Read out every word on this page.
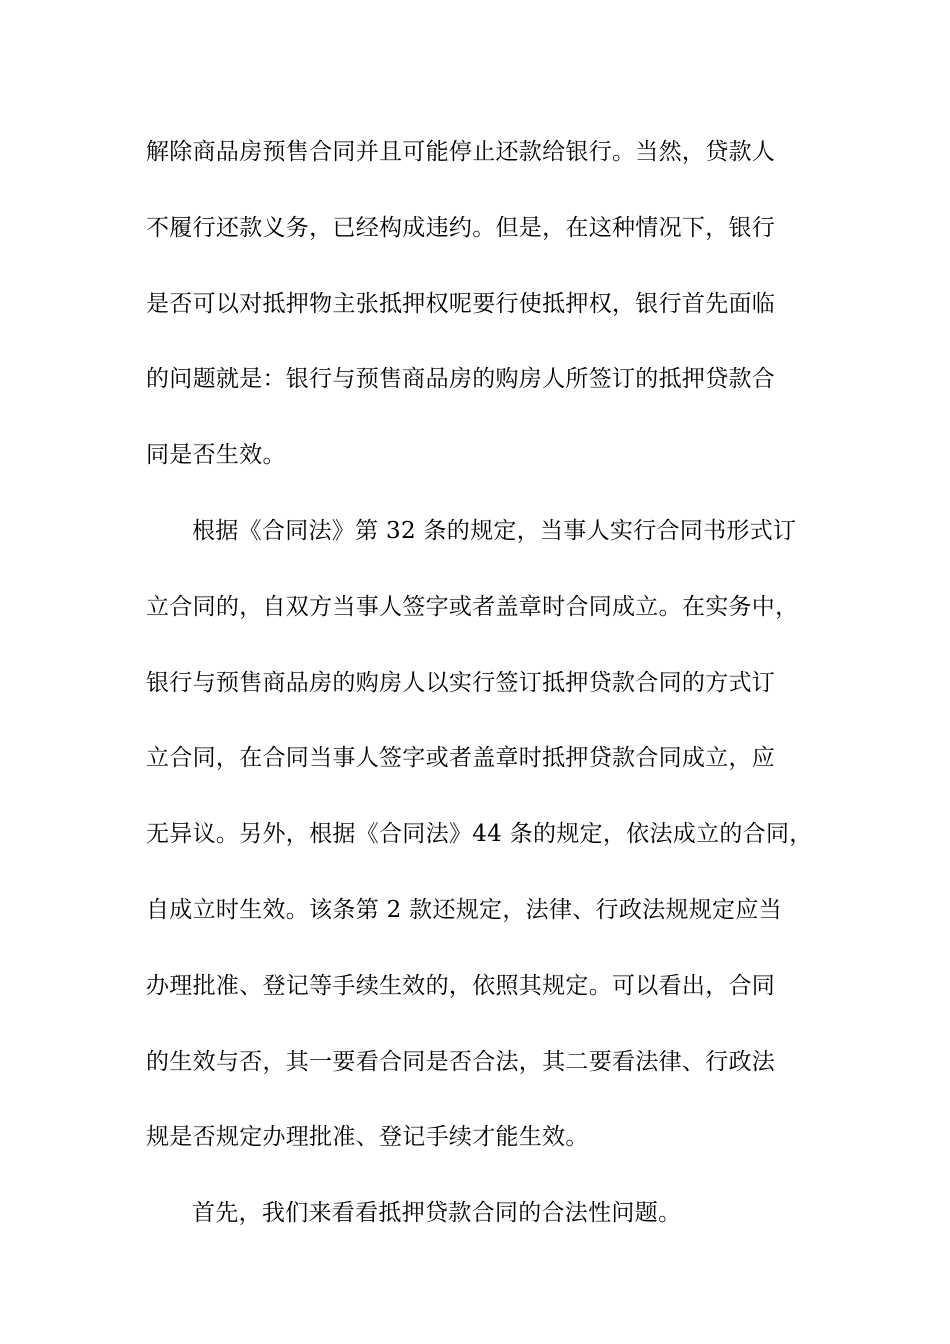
解除商品房预售合同并且可能停止还款给银行。当然，贷款人
不履行还款义务，已经构成违约。但是，在这种情况下，银行
是否可以对抵押物主张抵押权呢要行使抵押权，银行首先面临
的问题就是：银行与预售商品房的购房人所签订的抵押贷款合
同是否生效。
根据《合同法》第 32 条的规定，当事人实行合同书形式订
立合同的，自双方当事人签字或者盖章时合同成立。在实务中，
银行与预售商品房的购房人以实行签订抵押贷款合同的方式订
立合同，在合同当事人签字或者盖章时抵押贷款合同成立，应
无异议。另外，根据《合同法》44 条的规定，依法成立的合同，
自成立时生效。该条第 2 款还规定，法律、行政法规规定应当
办理批准、登记等手续生效的，依照其规定。可以看出，合同
的生效与否，其一要看合同是否合法，其二要看法律、行政法
规是否规定办理批准、登记手续才能生效。
首先，我们来看看抵押贷款合同的合法性问题。
